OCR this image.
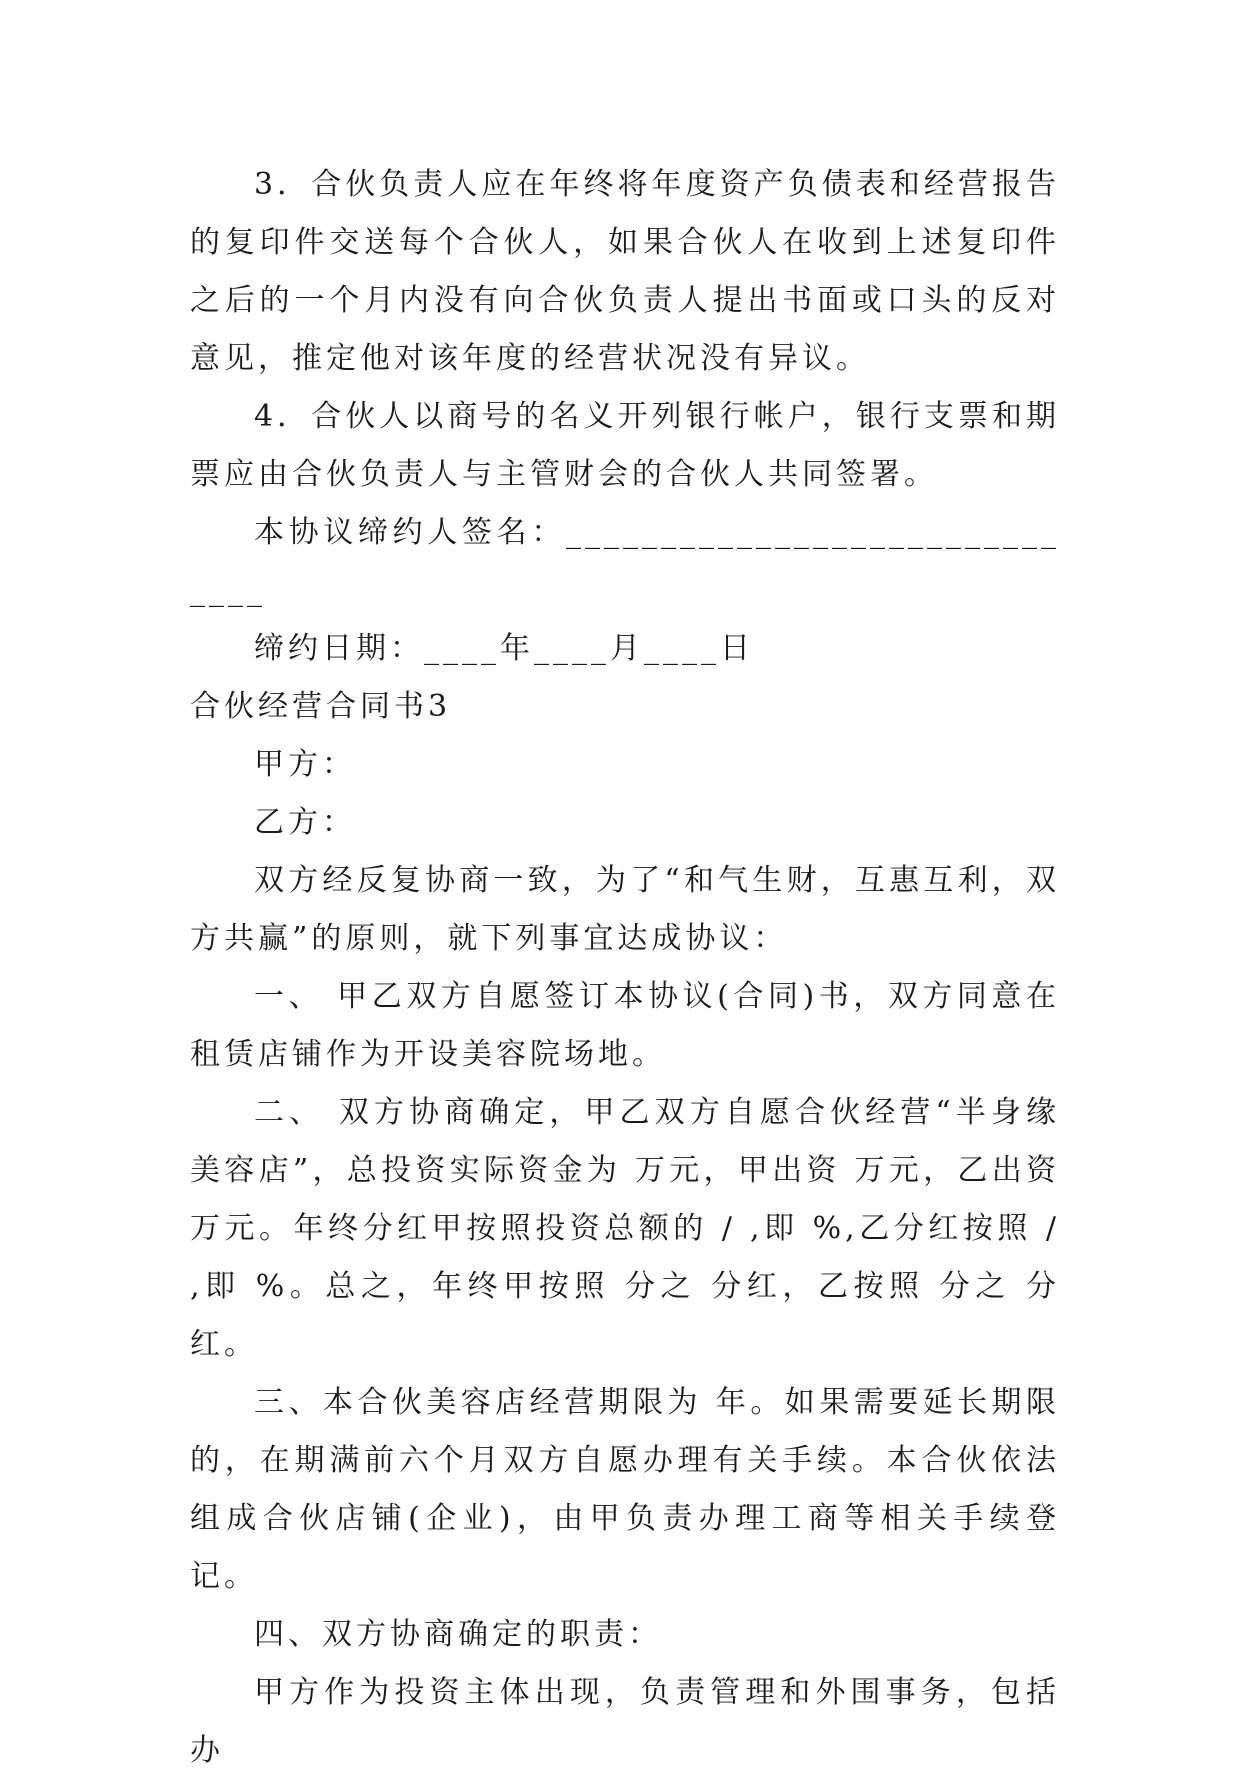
3．合伙负责人应在年终将年度资产负债表和经营报告的复印件交送每个合伙人，如果合伙人在收到上述复印件之后的一个月内没有向合伙负责人提出书面或口头的反对意见，推定他对该年度的经营状况没有异议。

4．合伙人以商号的名义开列银行帐户，银行支票和期票应由合伙负责人与主管财会的合伙人共同签署。

本协议缔约人签名：______________________________

缔约日期：____年____月____日

合伙经营合同书3

甲方：

乙方：

双方经反复协商一致，为了“和气生财，互惠互利，双方共赢”的原则，就下列事宜达成协议：

一、 甲乙双方自愿签订本协议(合同)书，双方同意在租赁店铺作为开设美容院场地。

二、 双方协商确定，甲乙双方自愿合伙经营“半身缘美容店”，总投资实际资金为 万元，甲出资 万元，乙出资 万元。年终分红甲按照投资总额的 / ,即 %,乙分红按照 / ,即 %。总之，年终甲按照 分之 分红，乙按照 分之 分红。

三、本合伙美容店经营期限为 年。如果需要延长期限的，在期满前六个月双方自愿办理有关手续。本合伙依法组成合伙店铺(企业)，由甲负责办理工商等相关手续登记。

四、双方协商确定的职责：

甲方作为投资主体出现，负责管理和外围事务，包括办
